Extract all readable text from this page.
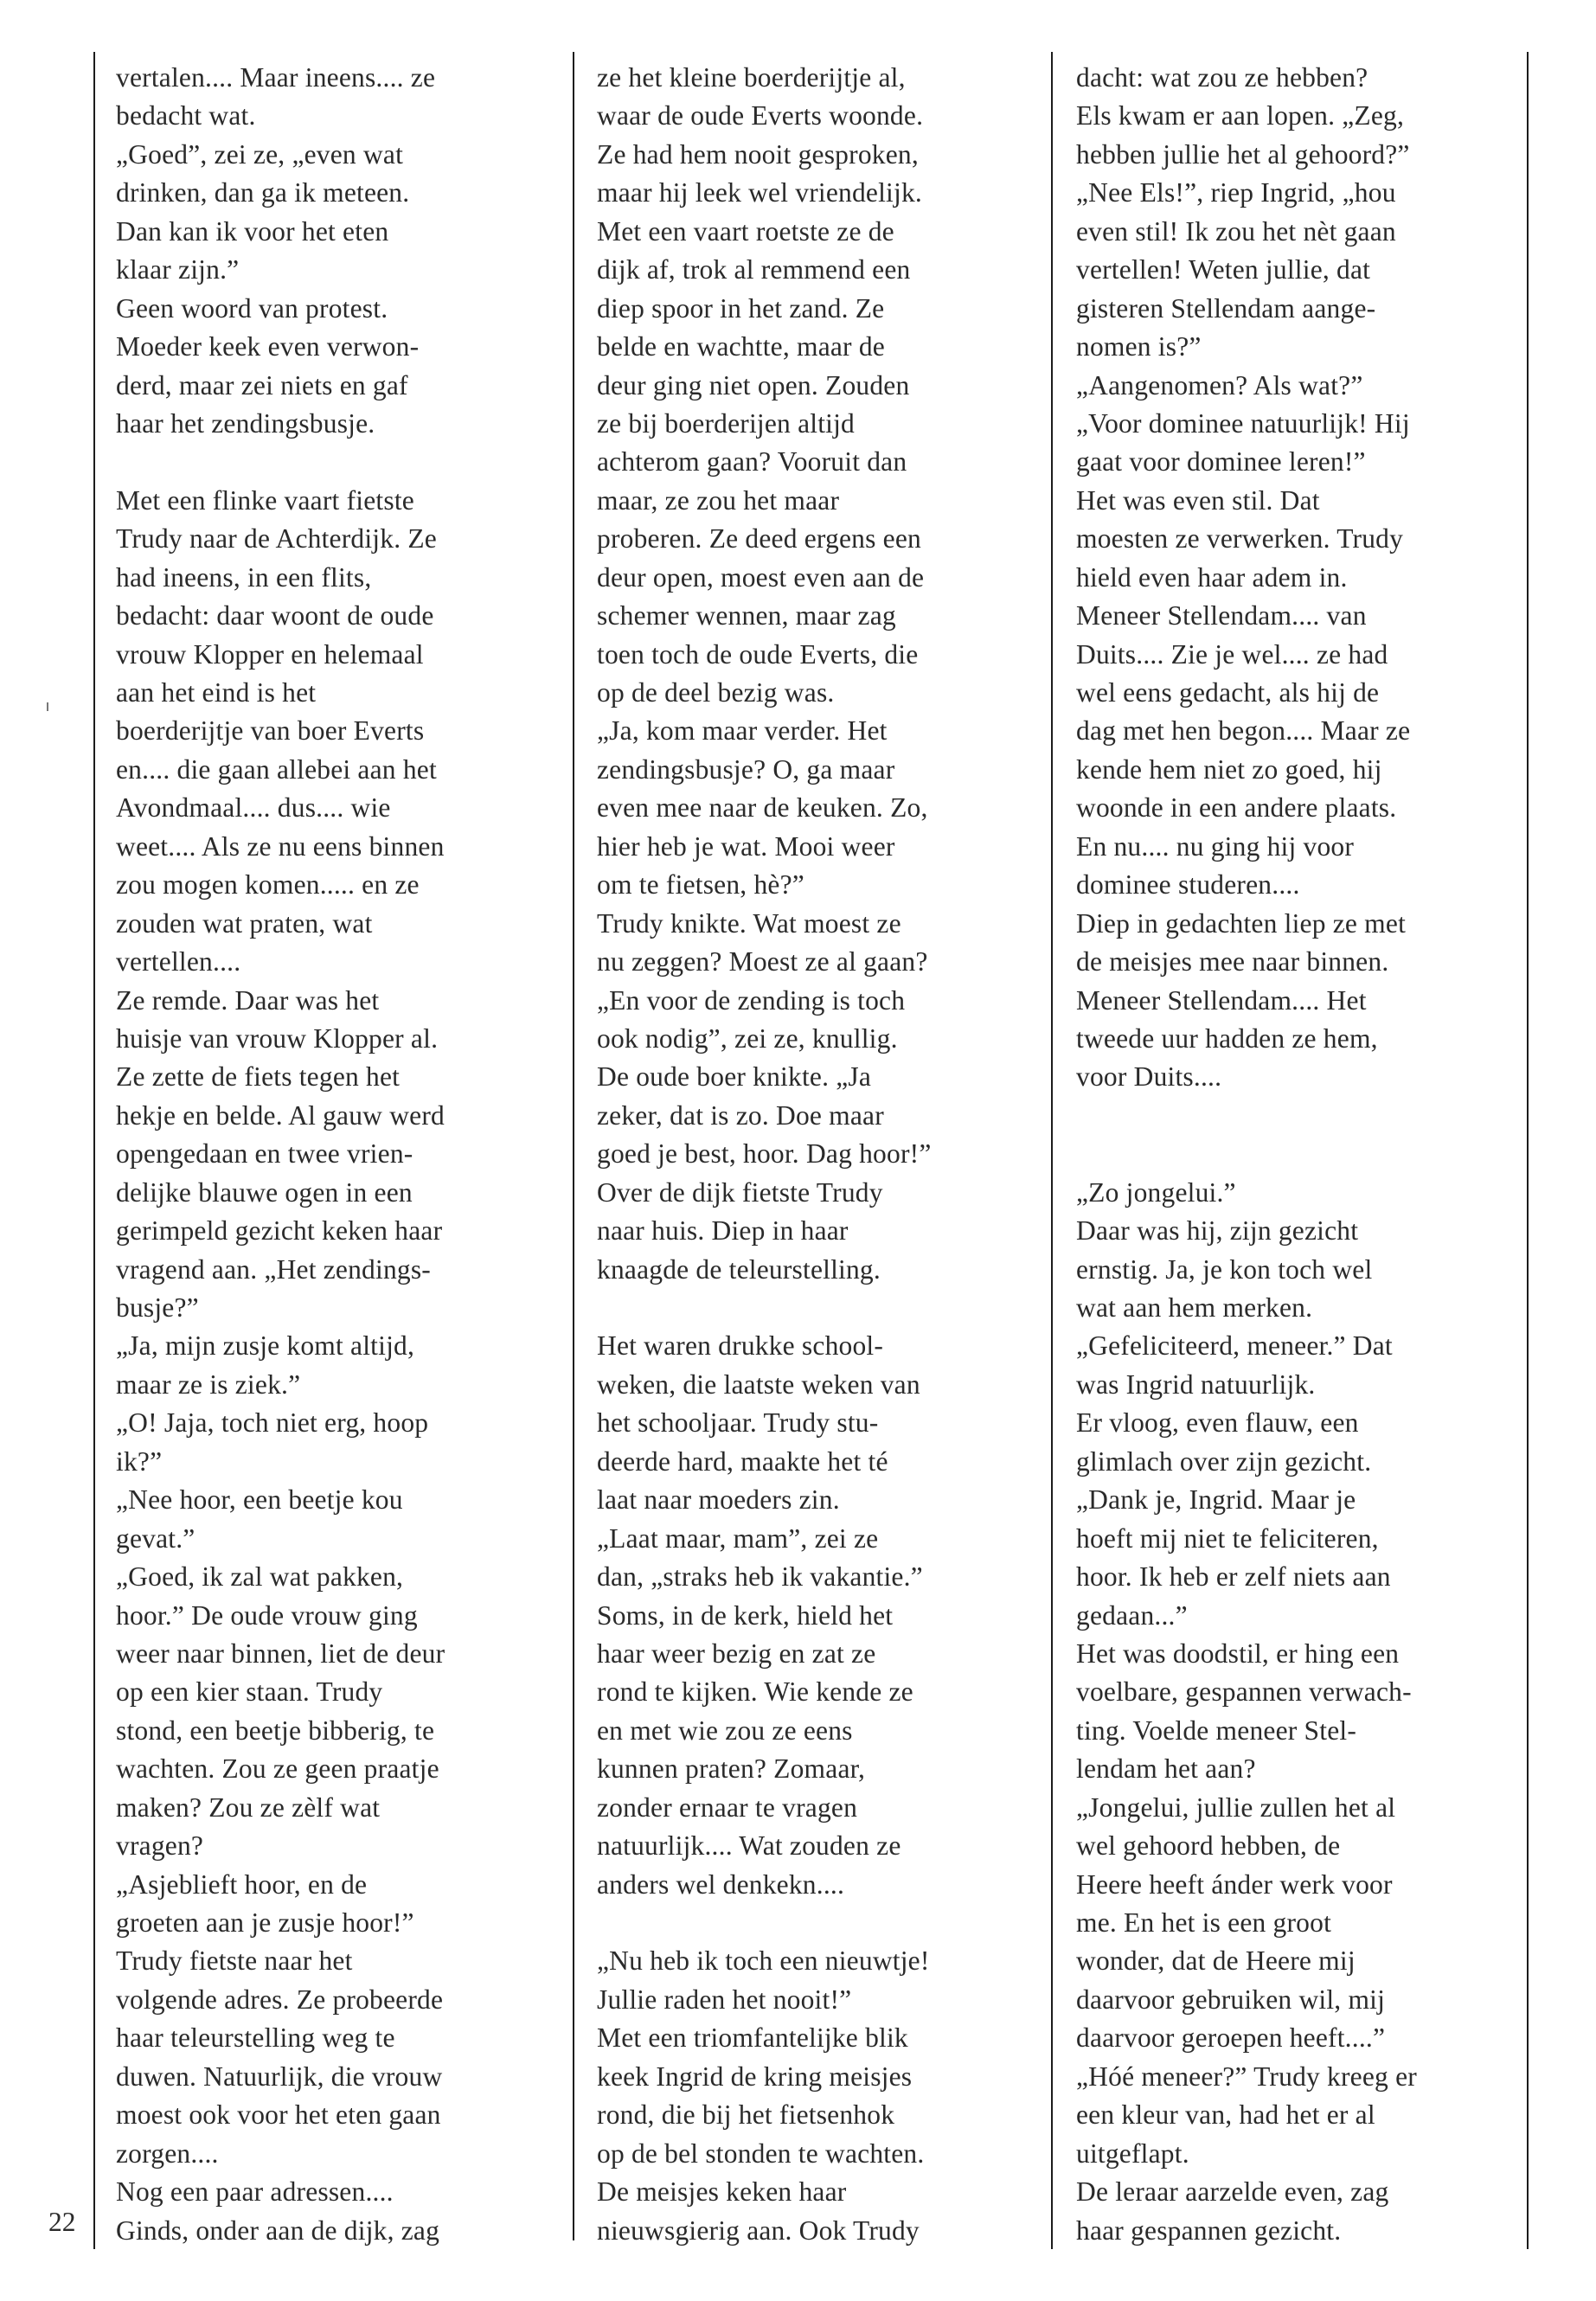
vertalen.... Maar ineens.... ze
bedacht wat.
„Goed”, zei ze, „even wat
drinken, dan ga ik meteen.
Dan kan ik voor het eten
klaar zijn.”
Geen woord van protest.
Moeder keek even verwon-
derd, maar zei niets en gaf
haar het zendingsbusje.
Met een flinke vaart fietste
Trudy naar de Achterdijk. Ze
had ineens, in een flits,
bedacht: daar woont de oude
vrouw Klopper en helemaal
aan het eind is het
boerderijtje van boer Everts
en.... die gaan allebei aan het
Avondmaal.... dus.... wie
weet.... Als ze nu eens binnen
zou mogen komen..... en ze
zouden wat praten, wat
vertellen....
Ze remde. Daar was het
huisje van vrouw Klopper al.
Ze zette de fiets tegen het
hekje en belde. Al gauw werd
opengedaan en twee vrien-
delijke blauwe ogen in een
gerimpeld gezicht keken haar
vragend aan. „Het zendings-
busje?”
„Ja, mijn zusje komt altijd,
maar ze is ziek.”
„O! Jaja, toch niet erg, hoop
ik?”
„Nee hoor, een beetje kou
gevat.”
„Goed, ik zal wat pakken,
hoor.” De oude vrouw ging
weer naar binnen, liet de deur
op een kier staan. Trudy
stond, een beetje bibberig, te
wachten. Zou ze geen praatje
maken? Zou ze zèlf wat
vragen?
„Asjeblieft hoor, en de
groeten aan je zusje hoor!”
Trudy fietste naar het
volgende adres. Ze probeerde
haar teleurstelling weg te
duwen. Natuurlijk, die vrouw
moest ook voor het eten gaan
zorgen....
Nog een paar adressen....
Ginds, onder aan de dijk, zag
ze het kleine boerderijtje al,
waar de oude Everts woonde.
Ze had hem nooit gesproken,
maar hij leek wel vriendelijk.
Met een vaart roetste ze de
dijk af, trok al remmend een
diep spoor in het zand. Ze
belde en wachtte, maar de
deur ging niet open. Zouden
ze bij boerderijen altijd
achterom gaan? Vooruit dan
maar, ze zou het maar
proberen. Ze deed ergens een
deur open, moest even aan de
schemer wennen, maar zag
toen toch de oude Everts, die
op de deel bezig was.
„Ja, kom maar verder. Het
zendingsbusje? O, ga maar
even mee naar de keuken. Zo,
hier heb je wat. Mooi weer
om te fietsen, hè?”
Trudy knikte. Wat moest ze
nu zeggen? Moest ze al gaan?
„En voor de zending is toch
ook nodig”, zei ze, knullig.
De oude boer knikte. „Ja
zeker, dat is zo. Doe maar
goed je best, hoor. Dag hoor!”
Over de dijk fietste Trudy
naar huis. Diep in haar
knaagde de teleurstelling.
Het waren drukke school-
weken, die laatste weken van
het schooljaar. Trudy stu-
deerde hard, maakte het té
laat naar moeders zin.
„Laat maar, mam”, zei ze
dan, „straks heb ik vakantie.”
Soms, in de kerk, hield het
haar weer bezig en zat ze
rond te kijken. Wie kende ze
en met wie zou ze eens
kunnen praten? Zomaar,
zonder ernaar te vragen
natuurlijk.... Wat zouden ze
anders wel denkekn....
„Nu heb ik toch een nieuwtje!
Jullie raden het nooit!”
Met een triomfantelijke blik
keek Ingrid de kring meisjes
rond, die bij het fietsenhok
op de bel stonden te wachten.
De meisjes keken haar
nieuwsgierig aan. Ook Trudy
dacht: wat zou ze hebben?
Els kwam er aan lopen. „Zeg,
hebben jullie het al gehoord?”
„Nee Els!”, riep Ingrid, „hou
even stil! Ik zou het nèt gaan
vertellen! Weten jullie, dat
gisteren Stellendam aange-
nomen is?”
„Aangenomen? Als wat?”
„Voor dominee natuurlijk! Hij
gaat voor dominee leren!”
Het was even stil. Dat
moesten ze verwerken. Trudy
hield even haar adem in.
Meneer Stellendam.... van
Duits.... Zie je wel.... ze had
wel eens gedacht, als hij de
dag met hen begon.... Maar ze
kende hem niet zo goed, hij
woonde in een andere plaats.
En nu.... nu ging hij voor
dominee studeren....
Diep in gedachten liep ze met
de meisjes mee naar binnen.
Meneer Stellendam.... Het
tweede uur hadden ze hem,
voor Duits....
„Zo jongelui.”
Daar was hij, zijn gezicht
ernstig. Ja, je kon toch wel
wat aan hem merken.
„Gefeliciteerd, meneer.” Dat
was Ingrid natuurlijk.
Er vloog, even flauw, een
glimlach over zijn gezicht.
„Dank je, Ingrid. Maar je
hoeft mij niet te feliciteren,
hoor. Ik heb er zelf niets aan
gedaan...”
Het was doodstil, er hing een
voelbare, gespannen verwach-
ting. Voelde meneer Stel-
lendam het aan?
„Jongelui, jullie zullen het al
wel gehoord hebben, de
Heere heeft ánder werk voor
me. En het is een groot
wonder, dat de Heere mij
daarvoor gebruiken wil, mij
daarvoor geroepen heeft....”
„Hóé meneer?” Trudy kreeg er
een kleur van, had het er al
uitgeflapt.
De leraar aarzelde even, zag
haar gespannen gezicht.
22
